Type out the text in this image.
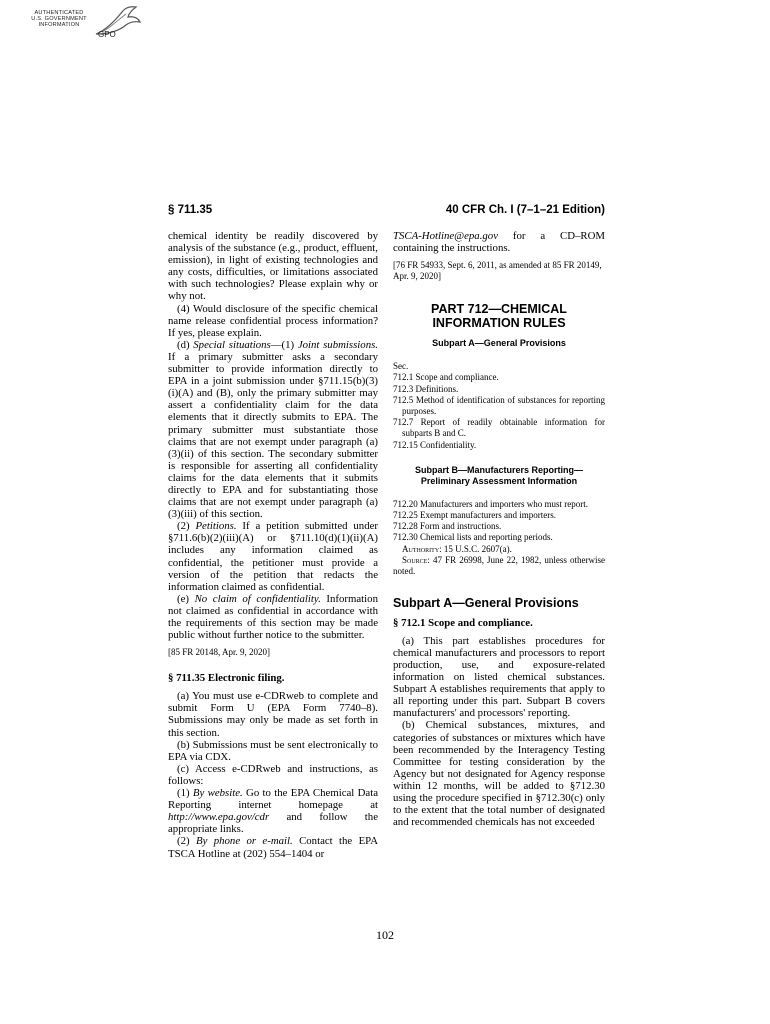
AUTHENTICATED
U.S. GOVERNMENT
INFORMATION
GPO
§ 711.35	40 CFR Ch. I (7–1–21 Edition)

chemical identity be readily discovered by analysis of the substance (e.g., product, effluent, emission), in light of existing technologies and any costs, difficulties, or limitations associated with such technologies? Please explain why or why not.

(4) Would disclosure of the specific chemical name release confidential process information? If yes, please explain.

(d) Special situations—(1) Joint submissions. If a primary submitter asks a secondary submitter to provide information directly to EPA in a joint submission under §711.15(b)(3)(i)(A) and (B), only the primary submitter may assert a confidentiality claim for the data elements that it directly submits to EPA. The primary submitter must substantiate those claims that are not exempt under paragraph (a)(3)(ii) of this section. The secondary submitter is responsible for asserting all confidentiality claims for the data elements that it submits directly to EPA and for substantiating those claims that are not exempt under paragraph (a)(3)(iii) of this section.

(2) Petitions. If a petition submitted under §711.6(b)(2)(iii)(A) or §711.10(d)(1)(ii)(A) includes any information claimed as confidential, the petitioner must provide a version of the petition that redacts the information claimed as confidential.

(e) No claim of confidentiality. Information not claimed as confidential in accordance with the requirements of this section may be made public without further notice to the submitter.

[85 FR 20148, Apr. 9, 2020]

§ 711.35 Electronic filing.

(a) You must use e-CDRweb to complete and submit Form U (EPA Form 7740–8). Submissions may only be made as set forth in this section.

(b) Submissions must be sent electronically to EPA via CDX.

(c) Access e-CDRweb and instructions, as follows:

(1) By website. Go to the EPA Chemical Data Reporting internet homepage at http://www.epa.gov/cdr and follow the appropriate links.

(2) By phone or e-mail. Contact the EPA TSCA Hotline at (202) 554–1404 or

TSCA-Hotline@epa.gov for a CD–ROM containing the instructions.

[76 FR 54933, Sept. 6, 2011, as amended at 85 FR 20149, Apr. 9, 2020]

PART 712—CHEMICAL
INFORMATION RULES
Subpart A—General Provisions
Sec.
712.1 Scope and compliance.
712.3 Definitions.
712.5 Method of identification of substances for reporting purposes.
712.7 Report of readily obtainable information for subparts B and C.
712.15 Confidentiality.
Subpart B—Manufacturers Reporting—
Preliminary Assessment Information
712.20 Manufacturers and importers who must report.
712.25 Exempt manufacturers and importers.
712.28 Form and instructions.
712.30 Chemical lists and reporting periods.

Authority: 15 U.S.C. 2607(a).

Source: 47 FR 26998, June 22, 1982, unless otherwise noted.

Subpart A—General Provisions
§ 712.1 Scope and compliance.

(a) This part establishes procedures for chemical manufacturers and processors to report production, use, and exposure-related information on listed chemical substances. Subpart A establishes requirements that apply to all reporting under this part. Subpart B covers manufacturers' and processors' reporting.

(b) Chemical substances, mixtures, and categories of substances or mixtures which have been recommended by the Interagency Testing Committee for testing consideration by the Agency but not designated for Agency response within 12 months, will be added to §712.30 using the procedure specified in §712.30(c) only to the extent that the total number of designated and recommended chemicals has not exceeded

102
